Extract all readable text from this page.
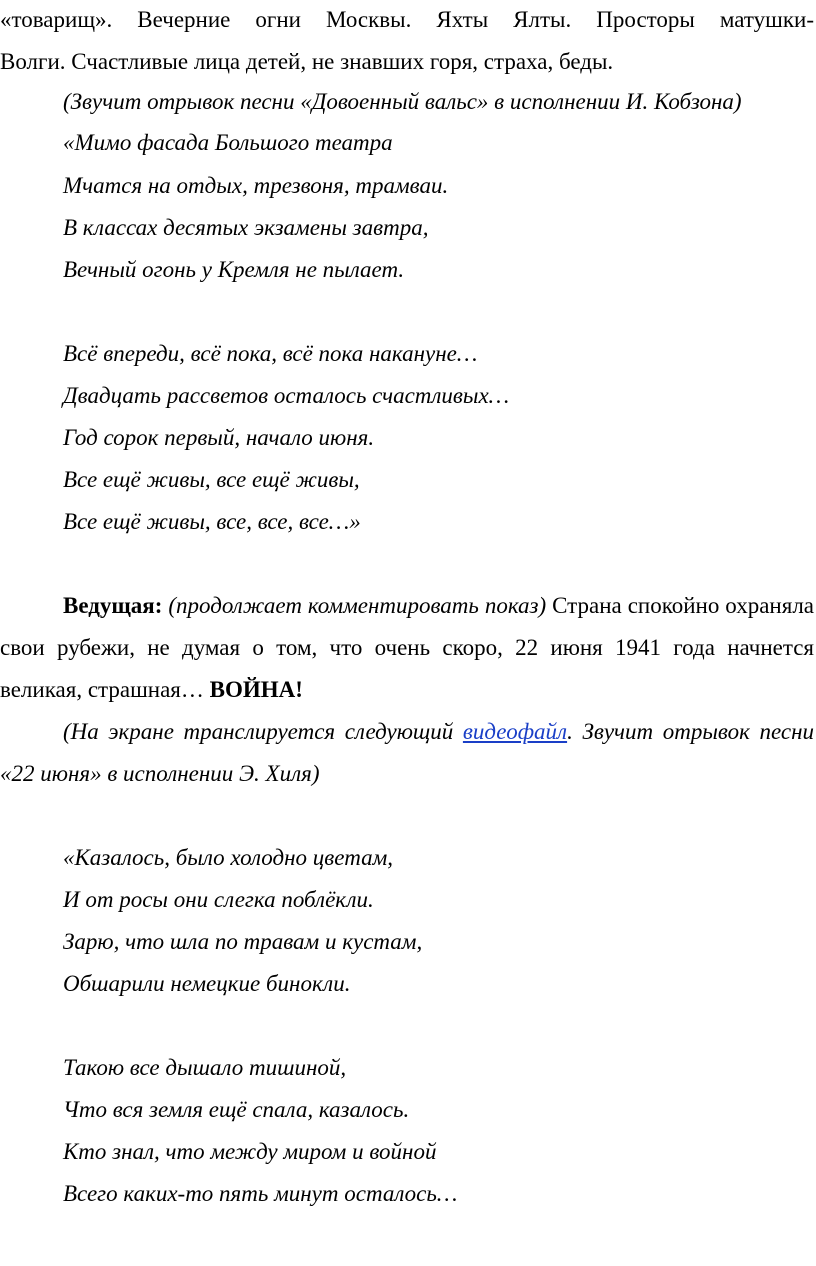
«товарищ». Вечерние огни Москвы. Яхты Ялты. Просторы матушки-

Волги. Счастливые лица детей, не знавших горя, страха, беды.

(Звучит отрывок песни «Довоенный вальс» в исполнении И. Кобзона)

«Мимо фасада Большого театра

Мчатся на отдых, трезвоня, трамваи.

В классах десятых экзамены завтра,

Вечный огонь у Кремля не пылает.

Всё впереди, всё пока, всё пока накануне…

Двадцать рассветов осталось счастливых…

Год сорок первый, начало июня.

Все ещё живы, все ещё живы,

Все ещё живы, все, все, все…»

Ведущая: (продолжает комментировать показ) Страна спокойно охраняла свои рубежи, не думая о том, что очень скоро, 22 июня 1941 года начнется великая, страшная… ВОЙНА!

(На экране транслируется следующий видеофайл. Звучит отрывок песни «22 июня» в исполнении Э. Хиля)

«Казалось, было холодно цветам,

И от росы они слегка поблёкли.

Зарю, что шла по травам и кустам,

Обшарили немецкие бинокли.

Такою все дышало тишиной,

Что вся земля ещё спала, казалось.

Кто знал, что между миром и войной

Всего каких-то пять минут осталось…
